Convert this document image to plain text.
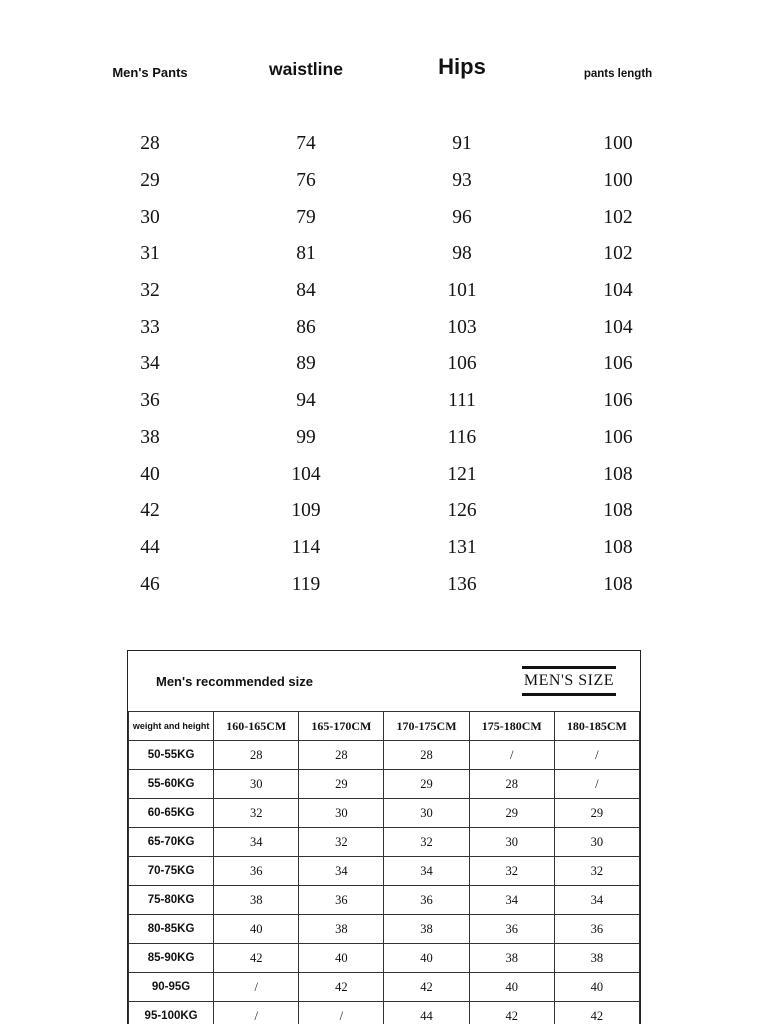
Men's Pants	waistline	Hips	pants length
28	74	91	100
29	76	93	100
30	79	96	102
31	81	98	102
32	84	101	104
33	86	103	104
34	89	106	106
36	94	111	106
38	99	116	106
40	104	121	108
42	109	126	108
44	114	131	108
46	119	136	108
Men's recommended size	MEN'S SIZE
weight and height	160-165CM	165-170CM	170-175CM	175-180CM	180-185CM
50-55KG	28	28	28	/	/
55-60KG	30	29	29	28	/
60-65KG	32	30	30	29	29
65-70KG	34	32	32	30	30
70-75KG	36	34	34	32	32
75-80KG	38	36	36	34	34
80-85KG	40	38	38	36	36
85-90KG	42	40	40	38	38
90-95G	/	42	42	40	40
95-100KG	/	/	44	42	42
